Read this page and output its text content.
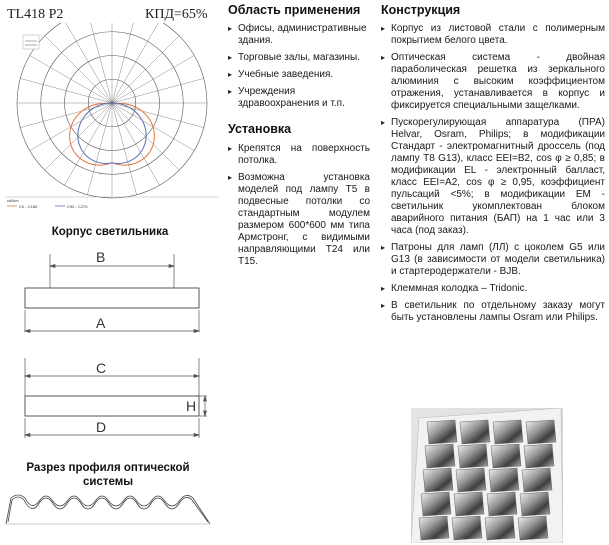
TL418 P2	КПД=65%
cd/klm
C0 - C180	C90 - C270
Область применения
▸ Офисы, административные здания.
▸ Торговые залы, магазины.
▸ Учебные заведения.
▸ Учреждения здравоохранения и т.п.
Установка
▸ Крепятся на поверхность потолка.
▸ Возможна установка моделей под лампу Т5 в подвесные потолки со стандартным модулем размером 600*600 мм типа Армстронг, с видимыми направляющими Т24 или Т15.
Конструкция
▸ Корпус из листовой стали с полимерным покрытием белого цвета.
▸ Оптическая система - двойная параболическая решетка из зеркального алюминия с высоким коэффициентом отражения, устанавливается в корпус и фиксируется специальными защелками.
▸ Пускорегулирующая аппаратура (ПРА) Helvar, Osram, Philips; в модификации Стандарт - электромагнитный дроссель (под лампу Т8 G13), класс EEI=B2, cos φ ≥ 0,85; в модификации EL - электронный балласт, класс EEI=A2, cos φ ≥ 0,95, коэффициент пульсаций <5%; в модификации ЕМ - светильник укомплектован блоком аварийного питания (БАП) на 1 час или 3 часа (под заказ).
▸ Патроны для ламп (ЛЛ) с цоколем G5 или G13 (в зависимости от модели светильника) и стартеродержатели - BJB.
▸ Клеммная колодка – Tridonic.
▸ В светильник по отдельному заказу могут быть установлены лампы Osram или Philips.
Корпус светильника
B
A
C
H
D
Разрез профиля оптической системы
